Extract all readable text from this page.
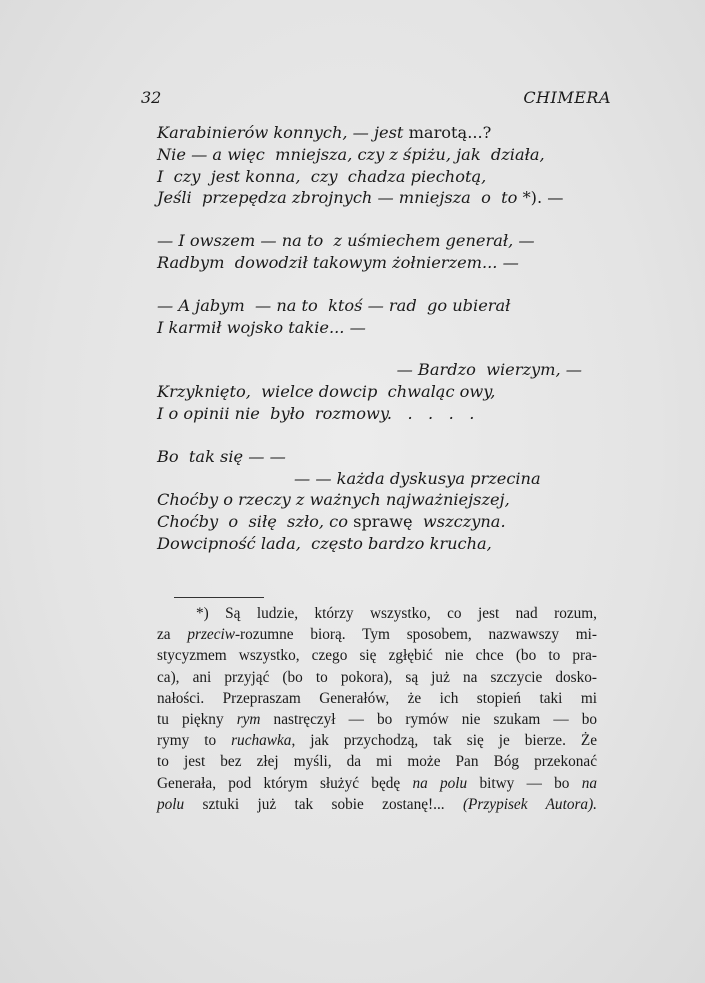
32	CHIMERA
Karabinierów konnych, — jest marotą...?
Nie — a więc  mniejsza, czy z śpiżu, jak  działa,
I  czy  jest konna,  czy  chadza piechotą,
Jeśli  przepędza zbrojnych — mniejsza  o  to *). —
— I owszem — na to  z uśmiechem generał, —
Radbym  dowodził takowym żołnierzem... —
— A jabym  — na to  ktoś — rad  go ubierał
I karmił wojsko takie... —
— Bardzo  wierzym, —
Krzyknięto,  wielce dowcip  chwaląc owy,
I o opinii nie  było  rozmowy.   .   .   .   .
Bo  tak się — —
— — każda dyskusya przecina
Choćby o rzeczy z ważnych najważniejszej,
Choćby  o  siłę  szło, co sprawę  wszczyna.
Dowcipność lada,  często bardzo krucha,
*) Są ludzie, którzy wszystko, co jest nad rozum,
za przeciw-rozumne biorą. Tym sposobem, nazwawszy mi-
stycyzmem wszystko, czego się zgłębić nie chce (bo to pra-
ca), ani przyjąć (bo to pokora), są już na szczycie dosko-
nałości. Przepraszam Generałów, że ich stopień taki mi
tu piękny rym nastręczył — bo rymów nie szukam — bo
rymy to ruchawka, jak przychodzą, tak się je bierze. Że
to jest bez złej myśli, da mi może Pan Bóg przekonać
Generała, pod którym służyć będę na polu bitwy — bo na
polu sztuki już tak sobie zostanę!... (Przypisek Autora).
